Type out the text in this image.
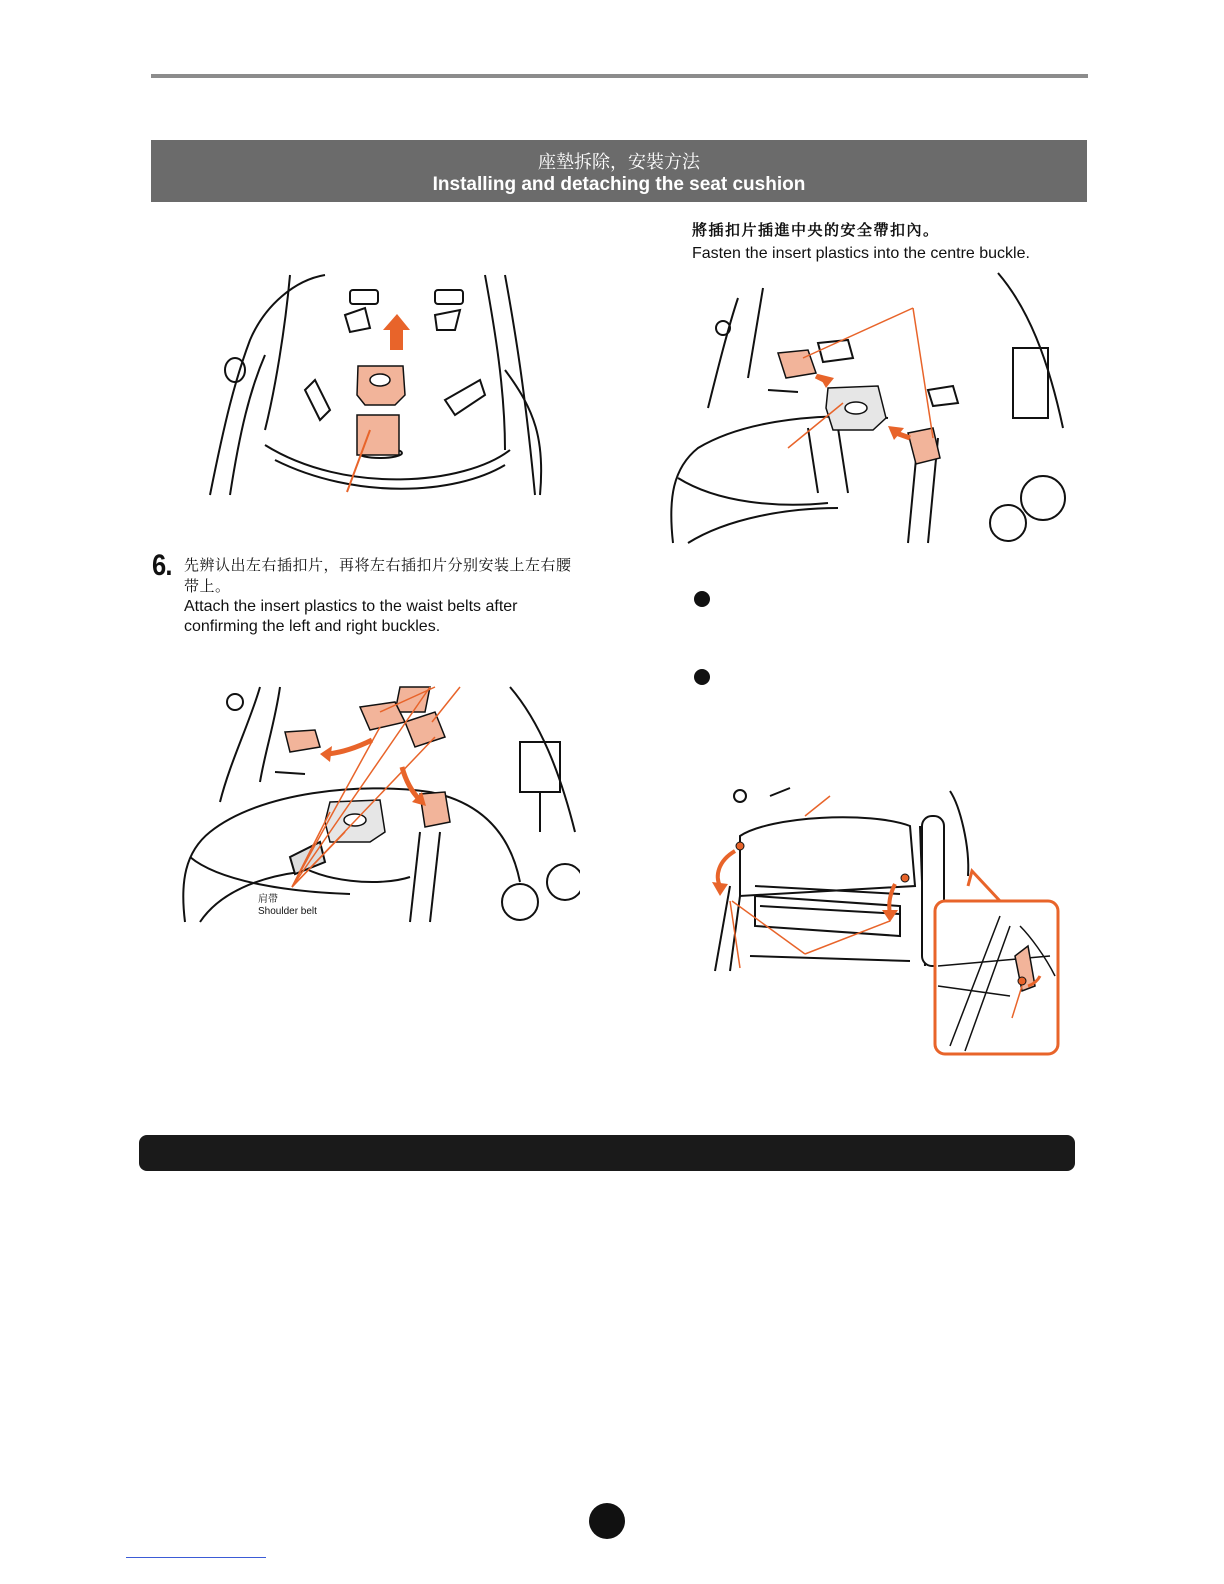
座墊拆除，安裝方法
Installing and detaching the seat cushion
6. 先辨认出左右插扣片，再将左右插扣片分别安装上左右腰带上。
Attach the insert plastics to the waist belts after confirming the left and right buckles.
肩帶
Shoulder belt
將插扣片插進中央的安全帶扣內。
Fasten the insert plastics into the centre buckle.
